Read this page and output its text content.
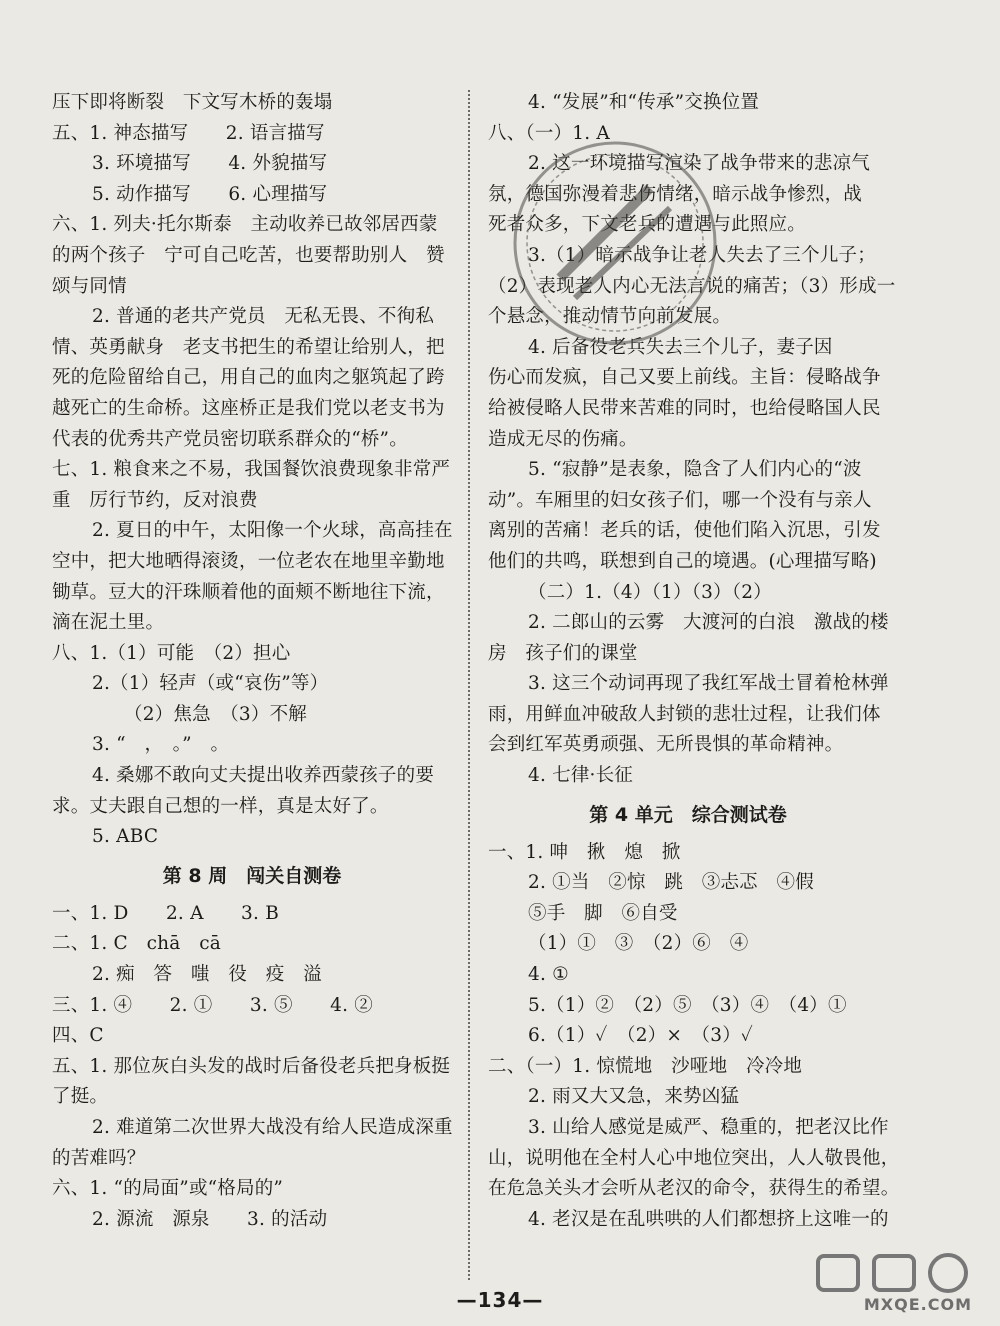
压下即将断裂　下文写木桥的轰塌
五、1. 神态描写　　2. 语言描写
3. 环境描写　　4. 外貌描写
5. 动作描写　　6. 心理描写
六、1. 列夫·托尔斯泰　主动收养已故邻居西蒙
的两个孩子　宁可自己吃苦，也要帮助别人　赞
颂与同情
2. 普通的老共产党员　无私无畏、不徇私
情、英勇献身　老支书把生的希望让给别人，把
死的危险留给自己，用自己的血肉之躯筑起了跨
越死亡的生命桥。这座桥正是我们党以老支书为
代表的优秀共产党员密切联系群众的“桥”。
七、1. 粮食来之不易，我国餐饮浪费现象非常严
重　厉行节约，反对浪费
2. 夏日的中午，太阳像一个火球，高高挂在
空中，把大地晒得滚烫，一位老农在地里辛勤地
锄草。豆大的汗珠顺着他的面颊不断地往下流，
滴在泥土里。
八、1.（1）可能　（2）担心
2.（1）轻声（或“哀伤”等）
（2）焦急　（3）不解
3. “　，　。”　。
4. 桑娜不敢向丈夫提出收养西蒙孩子的要
求。丈夫跟自己想的一样，真是太好了。
5. ABC
第 8 周　闯关自测卷
一、1. D　　2. A　　3. B
二、1. C　chā　cā
2. 痴　答　嗤　役　疫　溢
三、1. ④　　2. ①　　3. ⑤　　4. ②
四、C
五、1. 那位灰白头发的战时后备役老兵把身板挺
了挺。
2. 难道第二次世界大战没有给人民造成深重
的苦难吗？
六、1. “的局面”或“格局的”
2. 源流　源泉　　3. 的活动
4. “发展”和“传承”交换位置
八、（一）1. A
2. 这一环境描写渲染了战争带来的悲凉气
氛，德国弥漫着悲伤情绪，暗示战争惨烈，战
死者众多，下文老兵的遭遇与此照应。
3.（1）暗示战争让老人失去了三个儿子；
（2）表现老人内心无法言说的痛苦；（3）形成一
个悬念，推动情节向前发展。
4. 后备役老兵失去三个儿子，妻子因
伤心而发疯，自己又要上前线。主旨：侵略战争
给被侵略人民带来苦难的同时，也给侵略国人民
造成无尽的伤痛。
5. “寂静”是表象，隐含了人们内心的“波
动”。车厢里的妇女孩子们，哪一个没有与亲人
离别的苦痛！老兵的话，使他们陷入沉思，引发
他们的共鸣，联想到自己的境遇。(心理描写略)
（二）1.（4）（1）（3）（2）
2. 二郎山的云雾　大渡河的白浪　激战的楼
房　孩子们的课堂
3. 这三个动词再现了我红军战士冒着枪林弹
雨，用鲜血冲破敌人封锁的悲壮过程，让我们体
会到红军英勇顽强、无所畏惧的革命精神。
4. 七律·长征
第 4 单元　综合测试卷
一、1. 呻　揪　熄　掀
2. ①当　②惊　跳　③忐忑　④假
⑤手　脚　⑥自受
（1）①　③　（2）⑥　④
4. ①
5.（1）②　（2）⑤　（3）④　（4）①
6.（1）✓　（2）×　（3）✓
二、（一）1. 惊慌地　沙哑地　冷冷地
2. 雨又大又急，来势凶猛
3. 山给人感觉是威严、稳重的，把老汉比作
山，说明他在全村人心中地位突出，人人敬畏他，
在危急关头才会听从老汉的命令，获得生的希望。
4. 老汉是在乱哄哄的人们都想挤上这唯一的
—134—	MXQE.COM
